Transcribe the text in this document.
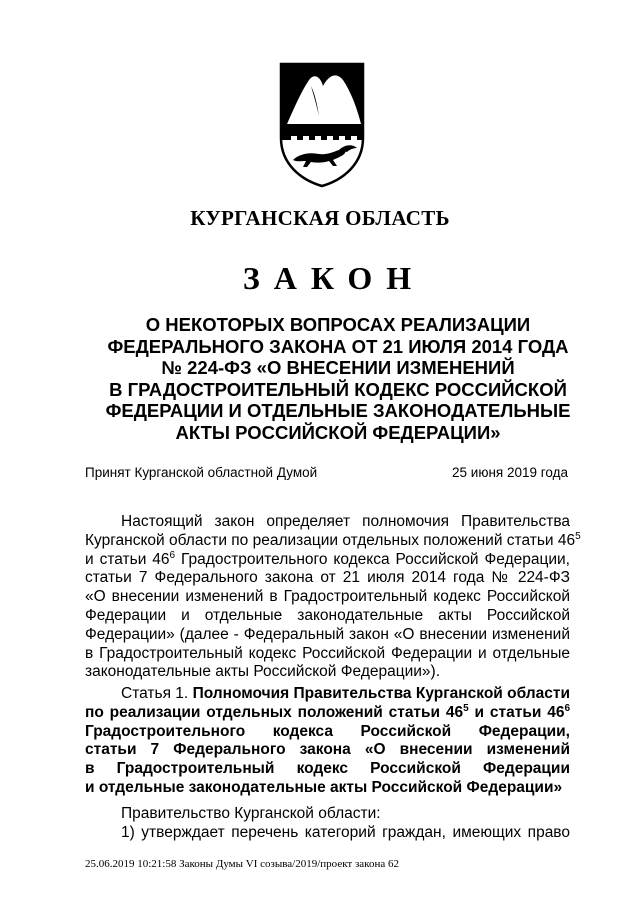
КУРГАНСКАЯ ОБЛАСТЬ
ЗАКОН
О НЕКОТОРЫХ ВОПРОСАХ РЕАЛИЗАЦИИ
ФЕДЕРАЛЬНОГО ЗАКОНА ОТ 21 ИЮЛЯ 2014 ГОДА
№ 224-ФЗ «О ВНЕСЕНИИ ИЗМЕНЕНИЙ
В ГРАДОСТРОИТЕЛЬНЫЙ КОДЕКС РОССИЙСКОЙ
ФЕДЕРАЦИИ И ОТДЕЛЬНЫЕ ЗАКОНОДАТЕЛЬНЫЕ
АКТЫ РОССИЙСКОЙ ФЕДЕРАЦИИ»
Принят Курганской областной Думой	25 июня 2019 года
Настоящий закон определяет полномочия Правительства
Курганской области по реализации отдельных положений статьи $46^5$
и статьи $46^6$ Градостроительного кодекса Российской Федерации,
статьи 7 Федерального закона от 21 июля 2014 года № 224-ФЗ
«О внесении изменений в Градостроительный кодекс Российской
Федерации и отдельные законодательные акты Российской
Федерации» (далее - Федеральный закон «О внесении изменений
в Градостроительный кодекс Российской Федерации и отдельные
законодательные акты Российской Федерации»).
Статья 1. Полномочия Правительства Курганской области
по реализации отдельных положений статьи $46^5$ и статьи $46^6$
Градостроительного кодекса Российской Федерации,
статьи 7 Федерального закона «О внесении изменений
в Градостроительный кодекс Российской Федерации
и отдельные законодательные акты Российской Федерации»
Правительство Курганской области:
1) утверждает перечень категорий граждан, имеющих право
25.06.2019 10:21:58 Законы Думы VI созыва/2019/проект закона 62
